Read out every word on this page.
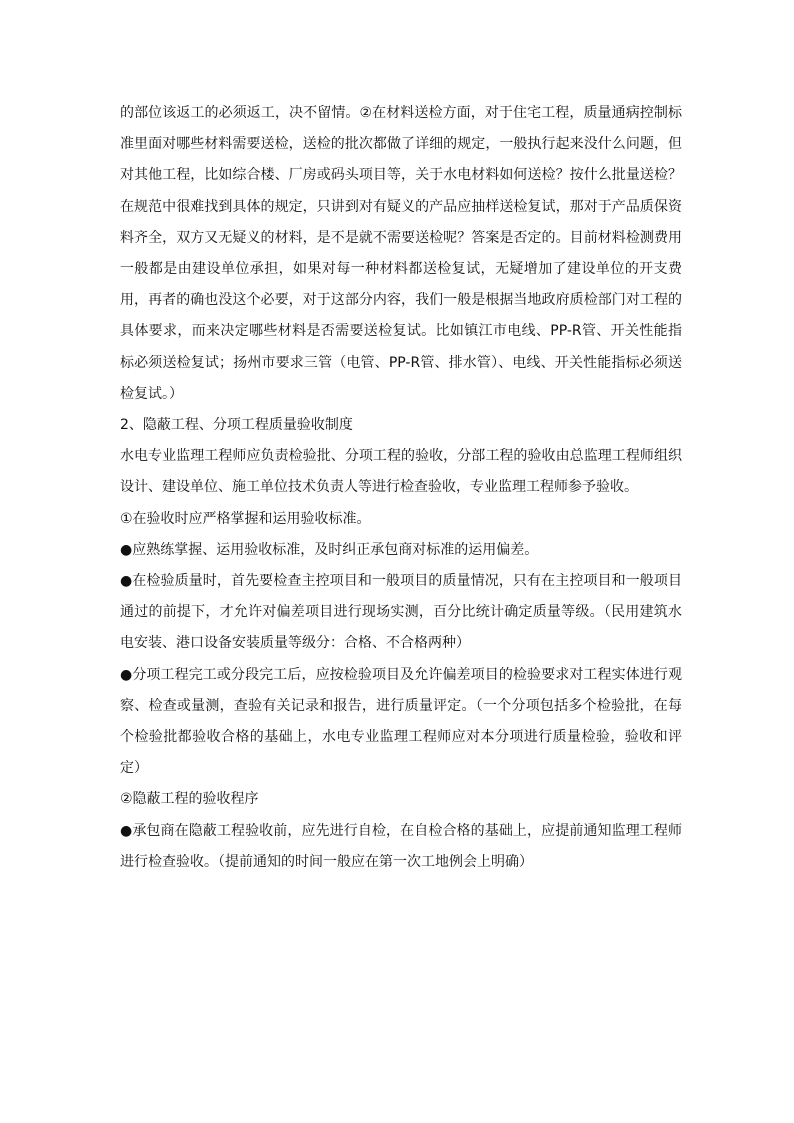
的部位该返工的必须返工，决不留情。②在材料送检方面，对于住宅工程，质量通病控制标准里面对哪些材料需要送检，送检的批次都做了详细的规定，一般执行起来没什么问题，但对其他工程，比如综合楼、厂房或码头项目等，关于水电材料如何送检？按什么批量送检？在规范中很难找到具体的规定，只讲到对有疑义的产品应抽样送检复试，那对于产品质保资料齐全，双方又无疑义的材料，是不是就不需要送检呢？答案是否定的。目前材料检测费用一般都是由建设单位承担，如果对每一种材料都送检复试，无疑增加了建设单位的开支费用，再者的确也没这个必要，对于这部分内容，我们一般是根据当地政府质检部门对工程的具体要求，而来决定哪些材料是否需要送检复试。比如镇江市电线、PP-R管、开关性能指标必须送检复试；扬州市要求三管（电管、PP-R管、排水管）、电线、开关性能指标必须送检复试。）

2、隐蔽工程、分项工程质量验收制度

水电专业监理工程师应负责检验批、分项工程的验收，分部工程的验收由总监理工程师组织设计、建设单位、施工单位技术负责人等进行检查验收，专业监理工程师参予验收。

①在验收时应严格掌握和运用验收标准。

●应熟练掌握、运用验收标准，及时纠正承包商对标准的运用偏差。

●在检验质量时，首先要检查主控项目和一般项目的质量情况，只有在主控项目和一般项目通过的前提下，才允许对偏差项目进行现场实测，百分比统计确定质量等级。（民用建筑水电安装、港口设备安装质量等级分：合格、不合格两种）

●分项工程完工或分段完工后，应按检验项目及允许偏差项目的检验要求对工程实体进行观察、检查或量测，查验有关记录和报告，进行质量评定。（一个分项包括多个检验批，在每个检验批都验收合格的基础上，水电专业监理工程师应对本分项进行质量检验，验收和评定）

②隐蔽工程的验收程序

●承包商在隐蔽工程验收前，应先进行自检，在自检合格的基础上，应提前通知监理工程师进行检查验收。（提前通知的时间一般应在第一次工地例会上明确）
